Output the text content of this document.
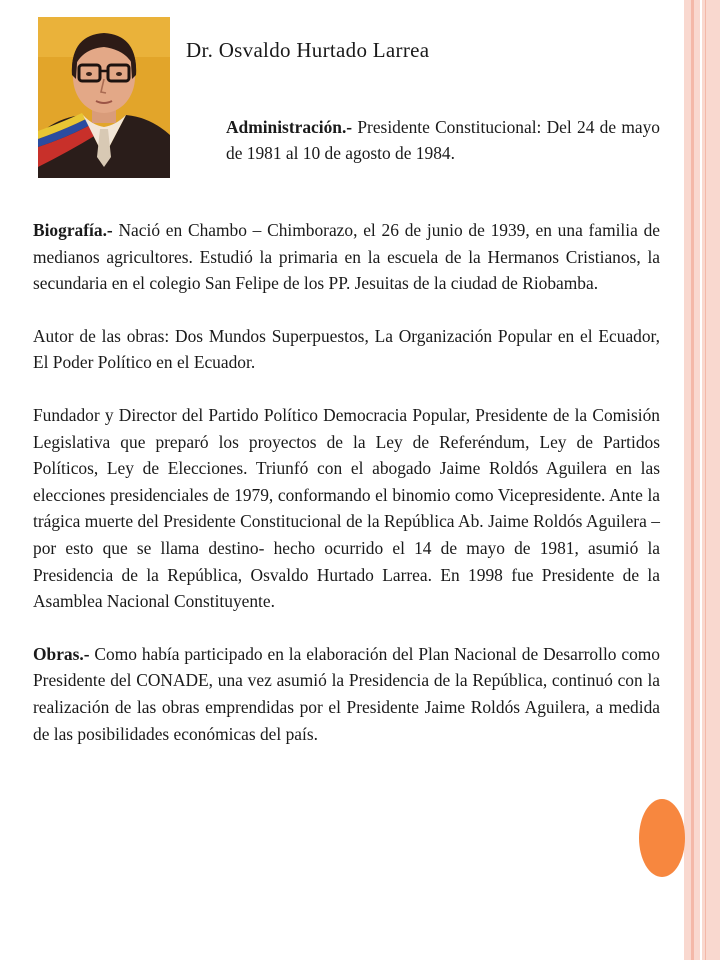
Dr. Osvaldo Hurtado Larrea
Administración.- Presidente Constitucional: Del 24 de mayo de 1981 al 10 de agosto de 1984.

Biografía.- Nació en Chambo – Chimborazo, el 26 de junio de 1939, en una familia de medianos agricultores. Estudió la primaria en la escuela de la Hermanos Cristianos, la secundaria en el colegio San Felipe de los PP. Jesuitas de la ciudad de Riobamba.

Autor de las obras: Dos Mundos Superpuestos, La Organización Popular en el Ecuador, El Poder Político en el Ecuador.

Fundador y Director del Partido Político Democracia Popular, Presidente de la Comisión Legislativa que preparó los proyectos de la Ley de Referéndum, Ley de Partidos Políticos, Ley de Elecciones. Triunfó con el abogado Jaime Roldós Aguilera en las elecciones presidenciales de 1979, conformando el binomio como Vicepresidente. Ante la trágica muerte del Presidente Constitucional de la República Ab. Jaime Roldós Aguilera –por esto que se llama destino- hecho ocurrido el 14 de mayo de 1981, asumió la Presidencia de la República, Osvaldo Hurtado Larrea. En 1998 fue Presidente de la Asamblea Nacional Constituyente.

Obras.- Como había participado en la elaboración del Plan Nacional de Desarrollo como Presidente del CONADE, una vez asumió la Presidencia de la República, continuó con la realización de las obras emprendidas por el Presidente Jaime Roldós Aguilera, a medida de las posibilidades económicas del país.
